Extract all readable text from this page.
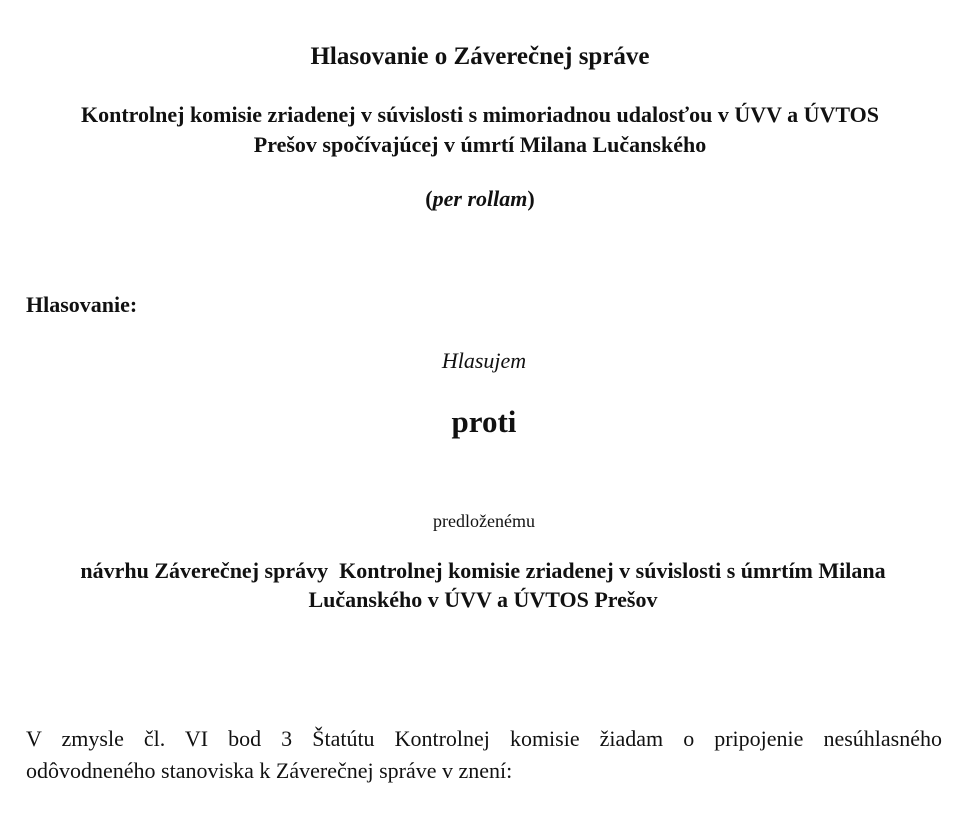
Hlasovanie o Záverečnej správe
Kontrolnej komisie zriadenej v súvislosti s mimoriadnou udalosťou v ÚVV a ÚVTOS
Prešov spočívajúcej v úmrtí Milana Lučanského
(per rollam)
Hlasovanie:
Hlasujem
proti
predloženému
návrhu Záverečnej správy  Kontrolnej komisie zriadenej v súvislosti s úmrtím Milana
Lučanského v ÚVV a ÚVTOS Prešov
V zmysle čl. VI bod 3 Štatútu Kontrolnej komisie žiadam o pripojenie nesúhlasného
odôvodneného stanoviska k Záverečnej správe v znení:
